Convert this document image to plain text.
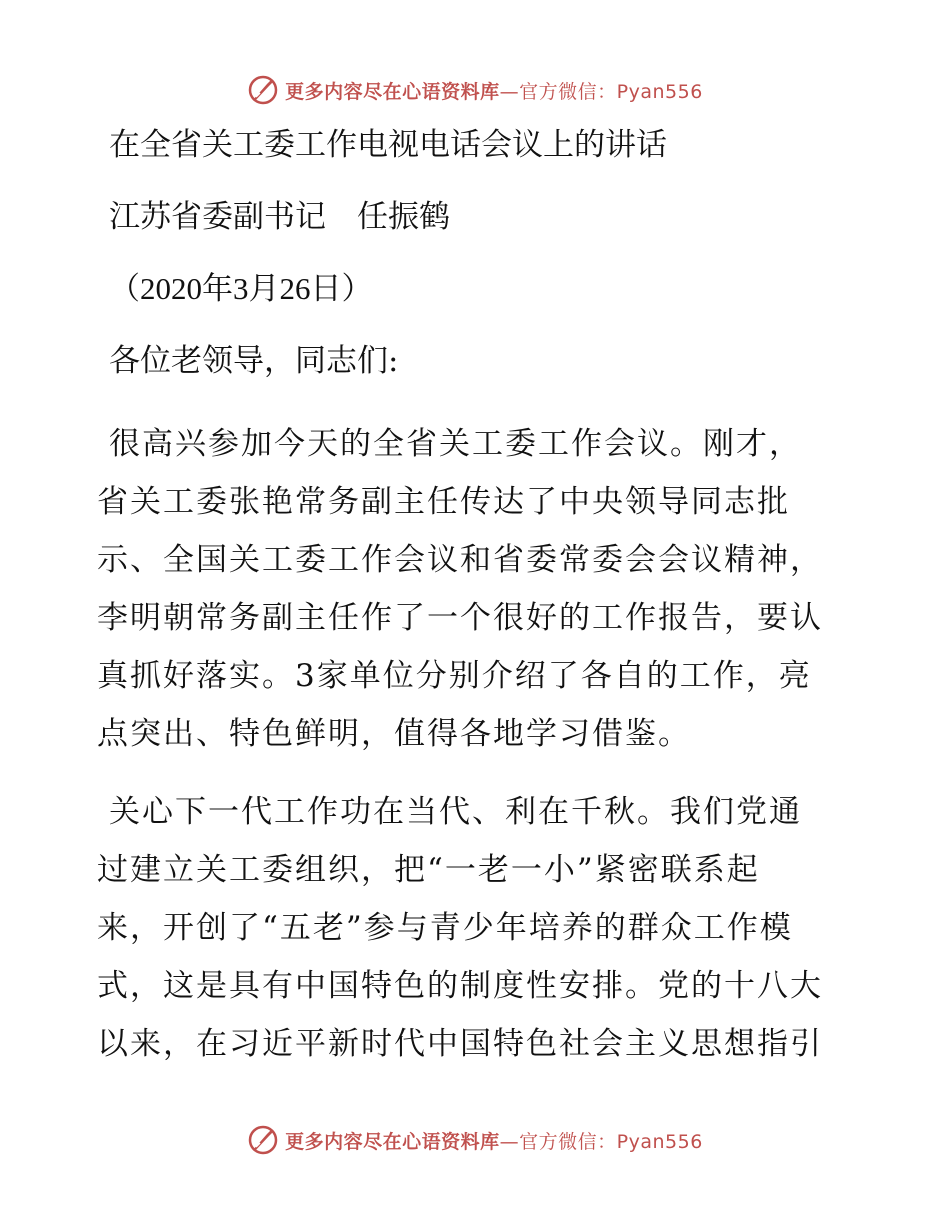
更多内容尽在心语资料库—官方微信：Pyan556

在全省关工委工作电视电话会议上的讲话

江苏省委副书记　任振鹤

（2020年3月26日）

各位老领导，同志们:

很高兴参加今天的全省关工委工作会议。刚才，
省关工委张艳常务副主任传达了中央领导同志批
示、全国关工委工作会议和省委常委会会议精神，
李明朝常务副主任作了一个很好的工作报告，要认
真抓好落实。3家单位分别介绍了各自的工作，亮
点突出、特色鲜明，值得各地学习借鉴。

关心下一代工作功在当代、利在千秋。我们党通
过建立关工委组织，把“一老一小”紧密联系起
来，开创了“五老”参与青少年培养的群众工作模
式，这是具有中国特色的制度性安排。党的十八大
以来，在习近平新时代中国特色社会主义思想指引

更多内容尽在心语资料库—官方微信：Pyan556
